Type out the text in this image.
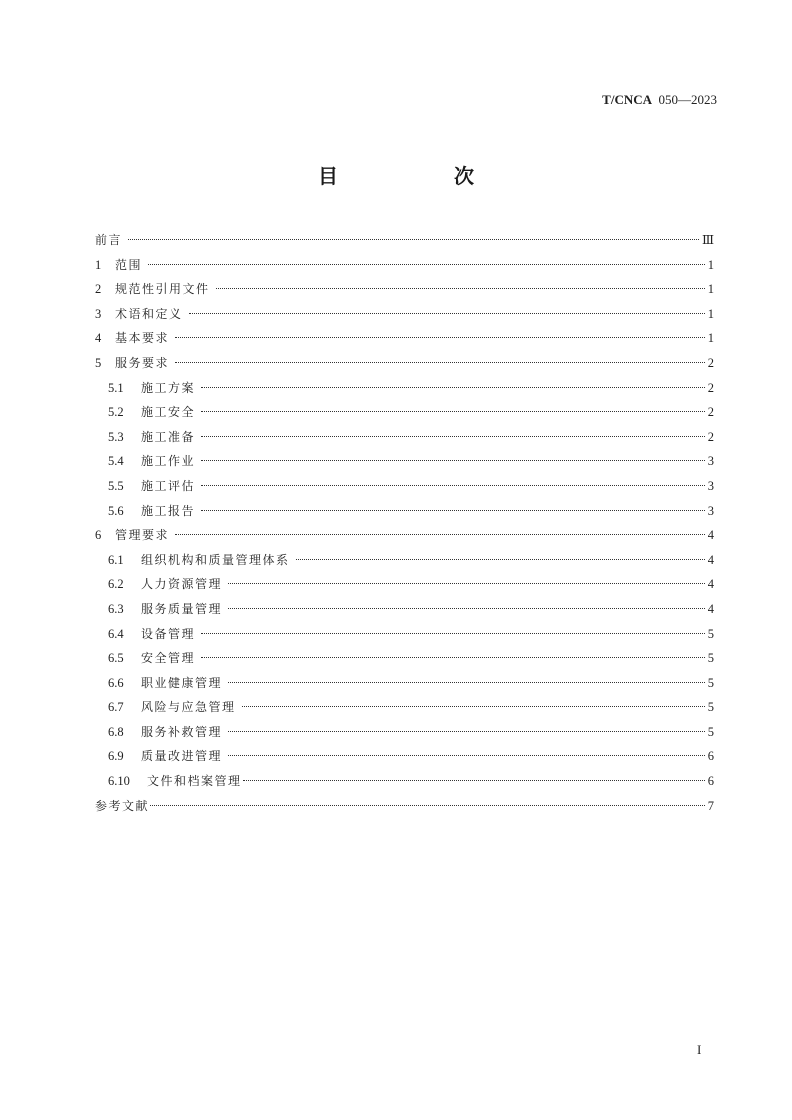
T/CNCA 050—2023
目　次
前言	Ⅲ
1	范围	1
2	规范性引用文件	1
3	术语和定义	1
4	基本要求	1
5	服务要求	2
5.1	施工方案	2
5.2	施工安全	2
5.3	施工准备	2
5.4	施工作业	3
5.5	施工评估	3
5.6	施工报告	3
6	管理要求	4
6.1	组织机构和质量管理体系	4
6.2	人力资源管理	4
6.3	服务质量管理	4
6.4	设备管理	5
6.5	安全管理	5
6.6	职业健康管理	5
6.7	风险与应急管理	5
6.8	服务补救管理	5
6.9	质量改进管理	6
6.10	文件和档案管理	6
参考文献	7
I
